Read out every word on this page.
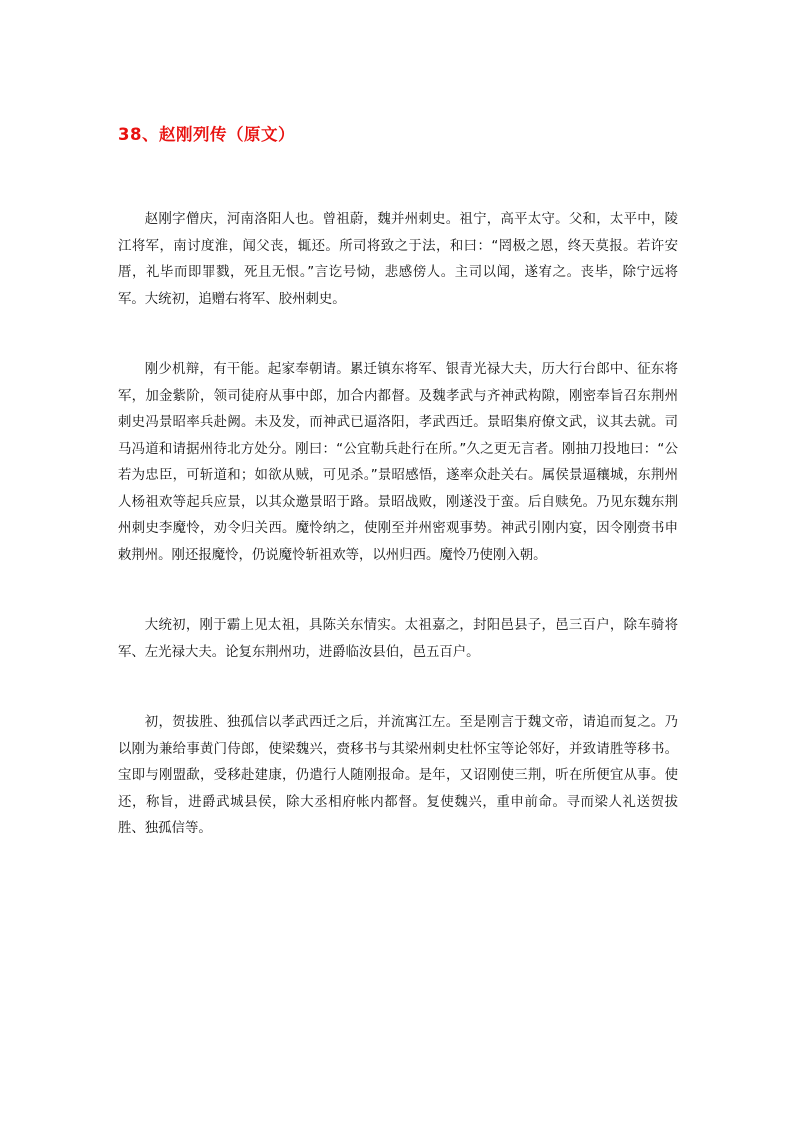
38、赵刚列传（原文）

赵刚字僧庆，河南洛阳人也。曾祖蔚，魏并州刺史。祖宁，高平太守。父和，太平中，陵江将军，南讨度淮，闻父丧，辄还。所司将致之于法，和曰：“罔极之恩，终天莫报。若许安厝，礼毕而即罪戮，死且无恨。”言讫号恸，悲感傍人。主司以闻，遂宥之。丧毕，除宁远将军。大统初，追赠右将军、胶州刺史。

刚少机辩，有干能。起家奉朝请。累迁镇东将军、银青光禄大夫，历大行台郎中、征东将军，加金紫阶，领司徒府从事中郎，加合内都督。及魏孝武与齐神武构隙，刚密奉旨召东荆州刺史冯景昭率兵赴阙。未及发，而神武已逼洛阳，孝武西迁。景昭集府僚文武，议其去就。司马冯道和请据州待北方处分。刚曰：“公宜勒兵赴行在所。”久之更无言者。刚抽刀投地曰：“公若为忠臣，可斩道和；如欲从贼，可见杀。”景昭感悟，遂率众赴关右。属侯景逼穰城，东荆州人杨祖欢等起兵应景，以其众邀景昭于路。景昭战败，刚遂没于蛮。后自赎免。乃见东魏东荆州刺史李魔怜，劝令归关西。魔怜纳之，使刚至并州密观事势。神武引刚内宴，因令刚赍书申敕荆州。刚还报魔怜，仍说魔怜斩祖欢等，以州归西。魔怜乃使刚入朝。

大统初，刚于霸上见太祖，具陈关东情实。太祖嘉之，封阳邑县子，邑三百户，除车骑将军、左光禄大夫。论复东荆州功，进爵临汝县伯，邑五百户。

初，贺拔胜、独孤信以孝武西迁之后，并流寓江左。至是刚言于魏文帝，请追而复之。乃以刚为兼给事黄门侍郎，使梁魏兴，赍移书与其梁州刺史杜怀宝等论邻好，并致请胜等移书。宝即与刚盟歃，受移赴建康，仍遣行人随刚报命。是年，又诏刚使三荆，听在所便宜从事。使还，称旨，进爵武城县侯，除大丞相府帐内都督。复使魏兴，重申前命。寻而梁人礼送贺拔胜、独孤信等。
